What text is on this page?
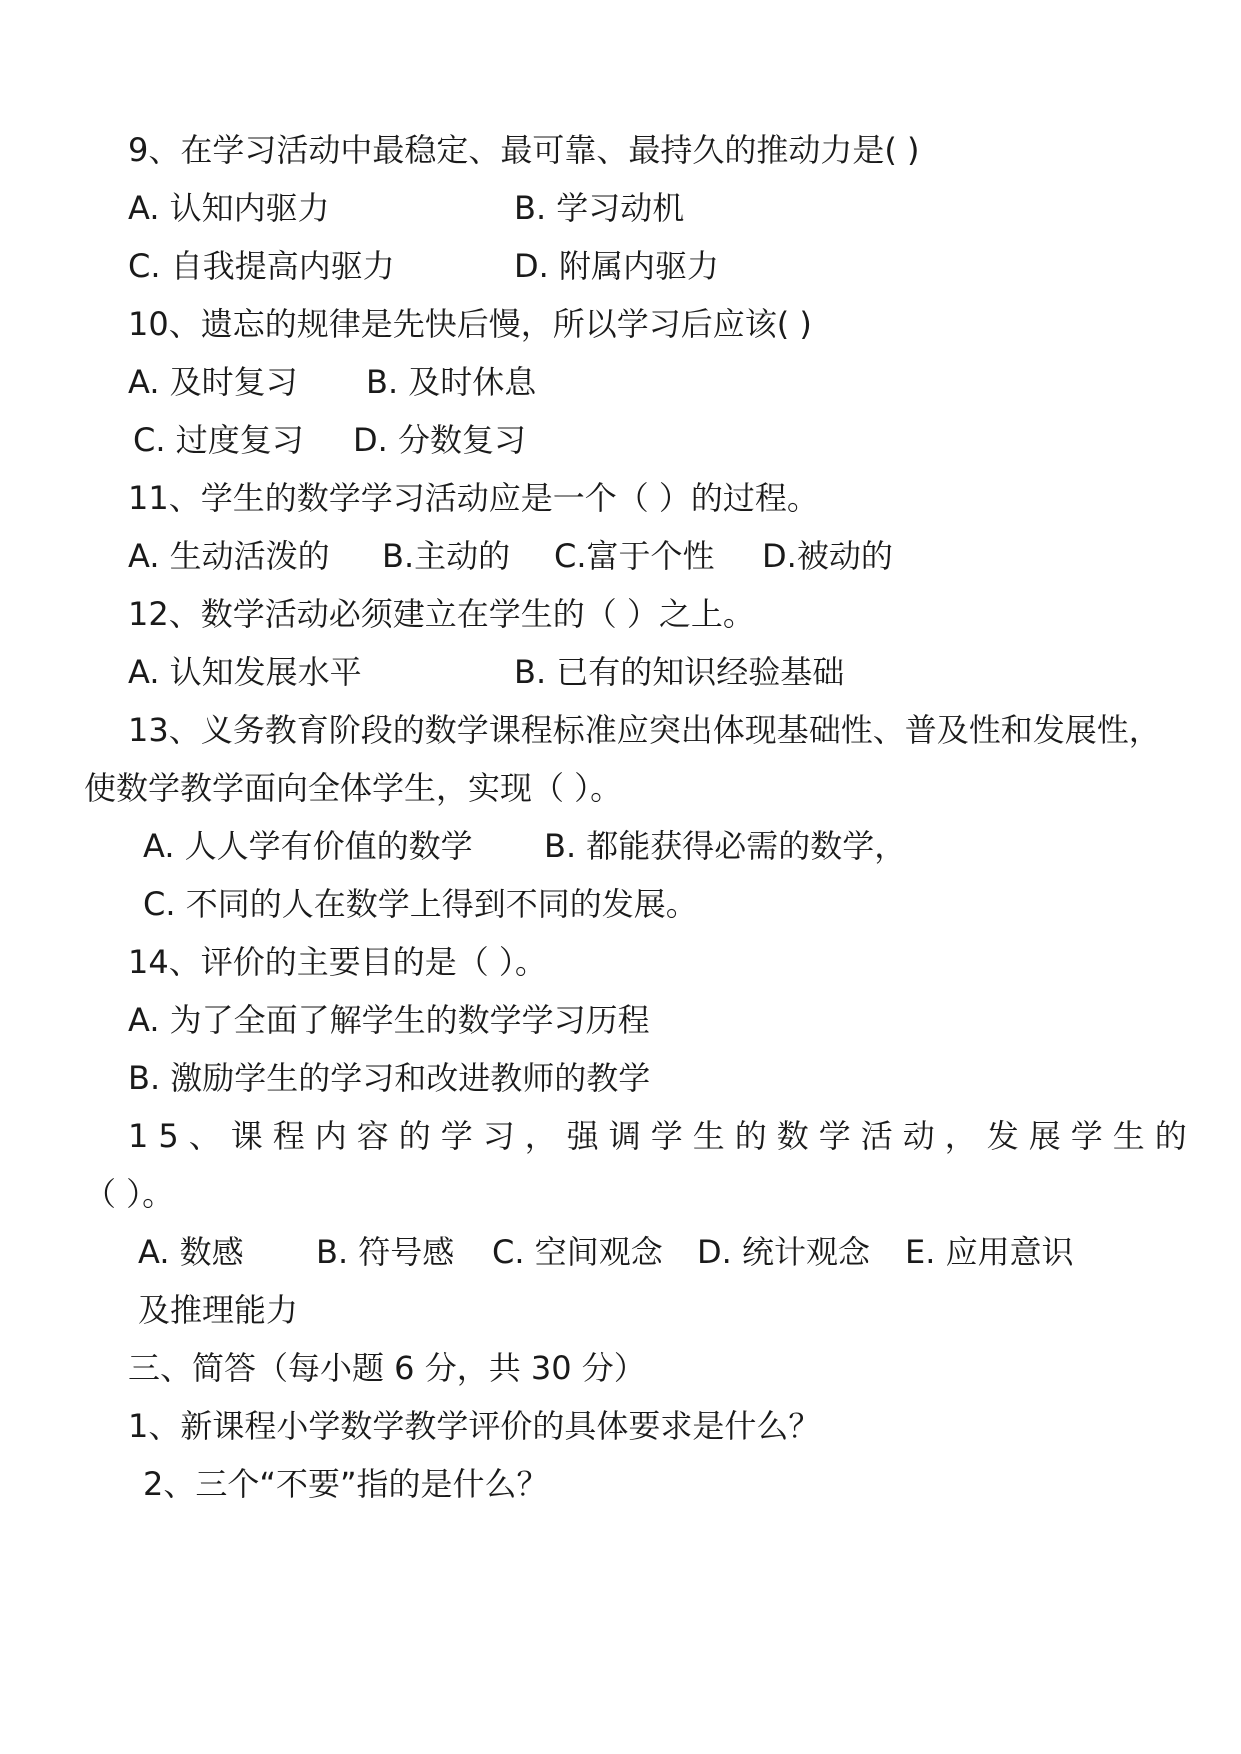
9、在学习活动中最稳定、最可靠、最持久的推动力是( )
A. 认知内驱力	B. 学习动机
C. 自我提高内驱力	D. 附属内驱力
10、遗忘的规律是先快后慢，所以学习后应该( )
A. 及时复习 B. 及时休息
C. 过度复习 D. 分数复习
11、学生的数学学习活动应是一个（ ）的过程。
A. 生动活泼的 B.主动的 C.富于个性 D.被动的
12、数学活动必须建立在学生的（ ）之上。
A. 认知发展水平	B. 已有的知识经验基础
13、义务教育阶段的数学课程标准应突出体现基础性、普及性和发展性，
使数学教学面向全体学生，实现（ ）。
A. 人人学有价值的数学 B. 都能获得必需的数学，
C. 不同的人在数学上得到不同的发展。
14、评价的主要目的是（ ）。
A. 为了全面了解学生的数学学习历程
B. 激励学生的学习和改进教师的教学
15、课程内容的学习，强调学生的数学活动，发展学生的
（ ）。
A. 数感 B. 符号感 C. 空间观念 D. 统计观念 E. 应用意识
及推理能力
三、简答（每小题 6 分，共 30 分）
1、新课程小学数学教学评价的具体要求是什么？
2、三个“不要”指的是什么？
